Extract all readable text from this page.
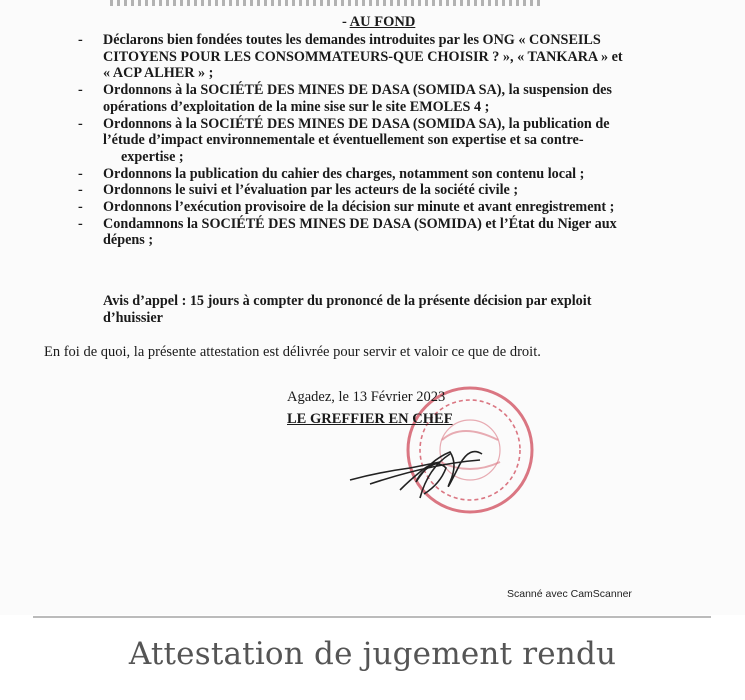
- AU FOND
- Déclarons bien fondées toutes les demandes introduites par les ONG « CONSEILS
CITOYENS POUR LES CONSOMMATEURS-QUE CHOISIR ? », « TANKARA » et
« ACP ALHER » ;
- Ordonnons à la SOCIÉTÉ DES MINES DE DASA (SOMIDA SA), la suspension des
opérations d’exploitation de la mine sise sur le site EMOLES 4 ;
- Ordonnons à la SOCIÉTÉ DES MINES DE DASA (SOMIDA SA), la publication de
l’étude d’impact environnementale et éventuellement son expertise et sa contre-

expertise ;
- Ordonnons la publication du cahier des charges, notamment son contenu local ;
- Ordonnons le suivi et l’évaluation par les acteurs de la société civile ;
- Ordonnons l’exécution provisoire de la décision sur minute et avant enregistrement ;
- Condamnons la SOCIÉTÉ DES MINES DE DASA (SOMIDA) et l’État du Niger aux
dépens ;
Avis d’appel : 15 jours à compter du prononcé de la présente décision par exploit

d’huissier
En foi de quoi, la présente attestation est délivrée pour servir et valoir ce que de droit.
Agadez, le 13 Février 2023
LE GREFFIER EN CHEF
Scanné avec CamScanner
Attestation de jugement rendu
